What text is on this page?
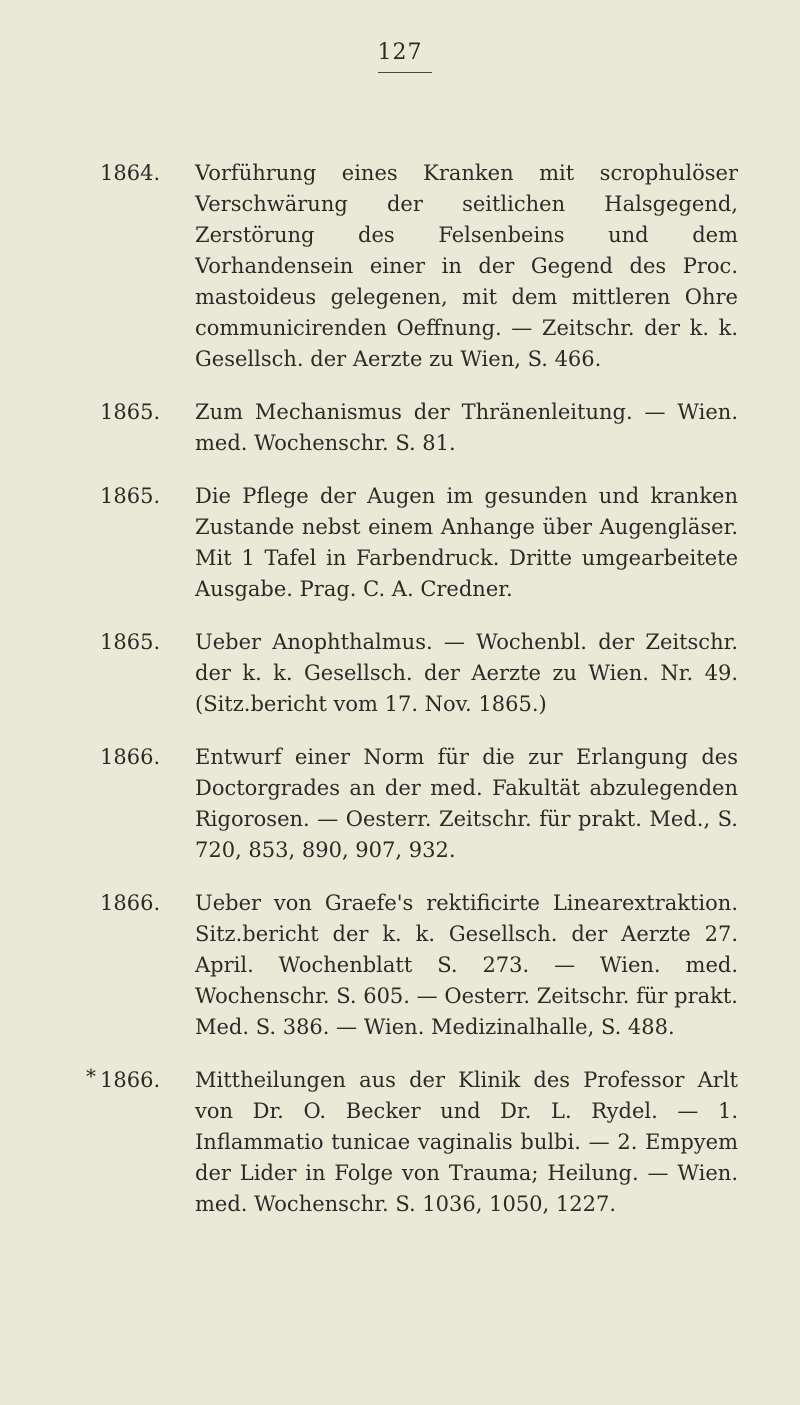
127
1864.	Vorführung eines Kranken mit scrophulöser Verschwärung der seitlichen Halsgegend, Zerstörung des Felsenbeins und dem Vorhandensein einer in der Gegend des Proc. mastoideus gelegenen, mit dem mittleren Ohre communicirenden Oeffnung. — Zeitschr. der k. k. Gesellsch. der Aerzte zu Wien, S. 466.
1865.	Zum Mechanismus der Thränenleitung. — Wien. med. Wochenschr. S. 81.
1865.	Die Pflege der Augen im gesunden und kranken Zustande nebst einem Anhange über Augengläser. Mit 1 Tafel in Farbendruck. Dritte umgearbeitete Ausgabe. Prag. C. A. Credner.
1865.	Ueber Anophthalmus. — Wochenbl. der Zeitschr. der k. k. Gesellsch. der Aerzte zu Wien. Nr. 49. (Sitz.bericht vom 17. Nov. 1865.)
1866.	Entwurf einer Norm für die zur Erlangung des Doctorgrades an der med. Fakultät abzulegenden Rigorosen. — Oesterr. Zeitschr. für prakt. Med., S. 720, 853, 890, 907, 932.
1866.	Ueber von Graefe's rektificirte Linearextraktion. Sitz.bericht der k. k. Gesellsch. der Aerzte 27. April. Wochenblatt S. 273. — Wien. med. Wochenschr. S. 605. — Oesterr. Zeitschr. für prakt. Med. S. 386. — Wien. Medizinalhalle, S. 488.
* 1866.	Mittheilungen aus der Klinik des Professor Arlt von Dr. O. Becker und Dr. L. Rydel. — 1. Inflammatio tunicae vaginalis bulbi. — 2. Empyem der Lider in Folge von Trauma; Heilung. — Wien. med. Wochenschr. S. 1036, 1050, 1227.
